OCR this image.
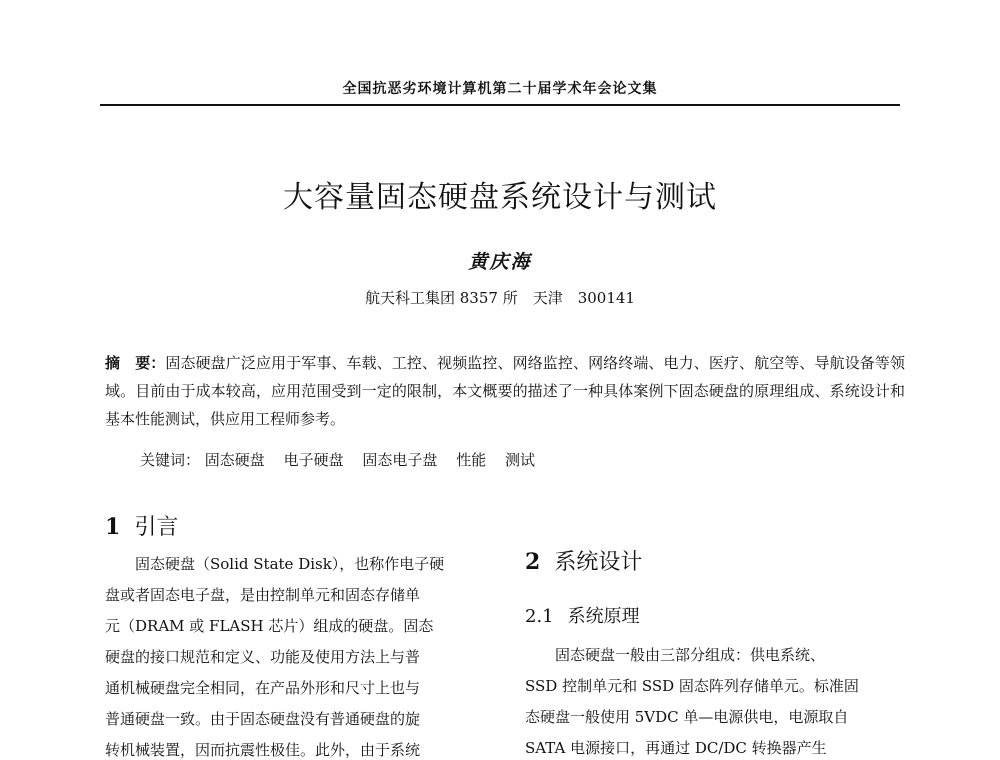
全国抗恶劣环境计算机第二十届学术年会论文集
大容量固态硬盘系统设计与测试
黄庆海
航天科工集团 8357 所　天津　300141

摘　要：固态硬盘广泛应用于军事、车载、工控、视频监控、网络监控、网络终端、电力、医疗、航空等、导航设备等领域。目前由于成本较高，应用范围受到一定的限制，本文概要的描述了一种具体案例下固态硬盘的原理组成、系统设计和基本性能测试，供应用工程师参考。

关键词： 固态硬盘 电子硬盘 固态电子盘 性能 测试
1 引言
固态硬盘（Solid State Disk），也称作电子硬
盘或者固态电子盘，是由控制单元和固态存储单
元（DRAM 或 FLASH 芯片）组成的硬盘。固态
硬盘的接口规范和定义、功能及使用方法上与普
通机械硬盘完全相同，在产品外形和尺寸上也与
普通硬盘一致。由于固态硬盘没有普通硬盘的旋
转机械装置，因而抗震性极佳。此外，由于系统
2 系统设计
2.1 系统原理
固态硬盘一般由三部分组成：供电系统、
SSD 控制单元和 SSD 固态阵列存储单元。标准固
态硬盘一般使用 5VDC 单—电源供电，电源取自
SATA 电源接口，再通过 DC/DC 转换器产生
